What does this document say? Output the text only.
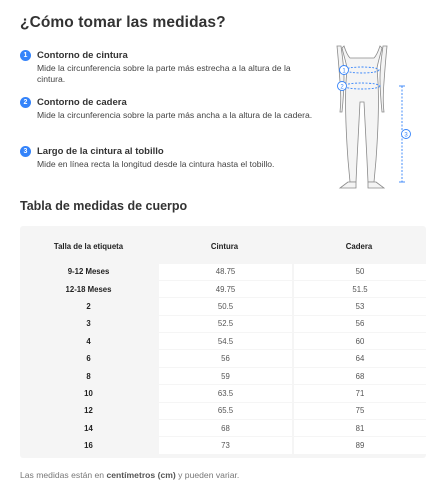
¿Cómo tomar las medidas?
1	Contorno de cintura
Mide la circunferencia sobre la parte más estrecha a la altura de la cintura.
2	Contorno de cadera
Mide la circunferencia sobre la parte más ancha a la altura de la cadera.
3	Largo de la cintura al tobillo
Mide en línea recta la longitud desde la cintura hasta el tobillo.
1
2
3
Tabla de medidas de cuerpo
Talla de la etiqueta	Cintura	Cadera
9-12 Meses	48.75	50
12-18 Meses	49.75	51.5
2	50.5	53
3	52.5	56
4	54.5	60
6	56	64
8	59	68
10	63.5	71
12	65.5	75
14	68	81
16	73	89
Las medidas están en centímetros (cm) y pueden variar.
